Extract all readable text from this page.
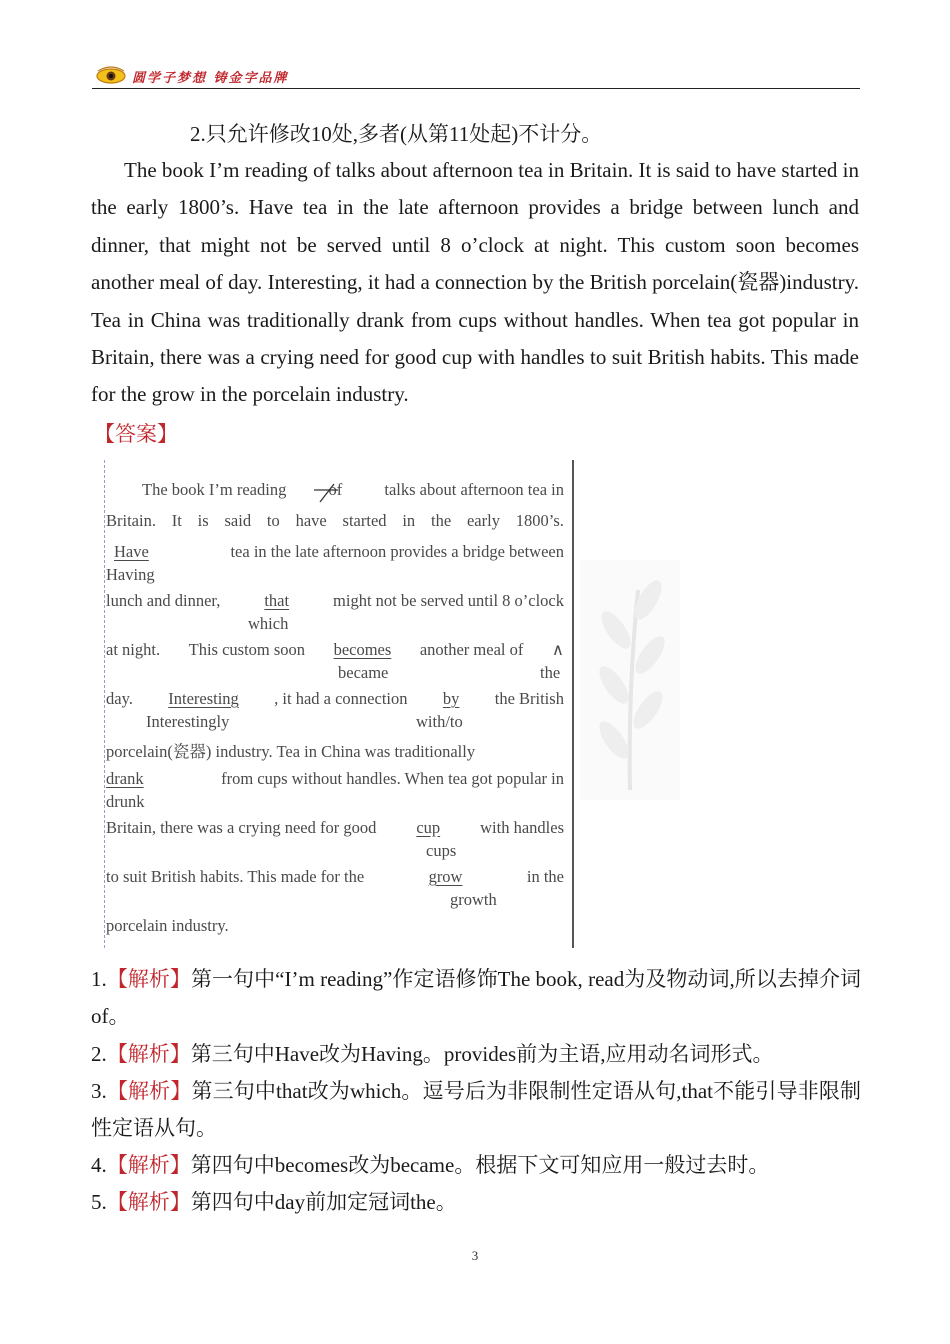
圆学子梦想 铸金字品牌
2.只允许修改10处,多者(从第11处起)不计分。

The book I’m reading of talks about afternoon tea in Britain. It is said to have started in the early 1800’s. Have tea in the late afternoon provides a bridge between lunch and dinner, that might not be served until 8 o’clock at night. This custom soon becomes another meal of day. Interesting, it had a connection by the British porcelain(瓷器)industry. Tea in China was traditionally drank from cups without handles. When tea got popular in Britain, there was a crying need for good cup with handles to suit British habits. This made for the grow in the porcelain industry.

【答案】
The book I’m reading	of	talks about afternoon tea in
Britain. It is said to have started in the early 1800’s.
Have	tea in the late afternoon provides a bridge between
Having
lunch and dinner,	that	might not be served until 8 o’clock
which
at night. This custom soon becomes another meal of ∧
became	the
day. Interesting , it had a connection by the British
Interestingly	with/to
porcelain(瓷器) industry. Tea in China was traditionally
drank	from cups without handles. When tea got popular in
drunk
Britain, there was a crying need for good cup with handles
cups
to suit British habits. This made for the	grow	in the
growth
porcelain industry.

1.【解析】第一句中“I’m reading”作定语修饰The book, read为及物动词,所以去掉介词of。

2.【解析】第三句中Have改为Having。provides前为主语,应用动名词形式。

3.【解析】第三句中that改为which。逗号后为非限制性定语从句,that不能引导非限制性定语从句。

4.【解析】第四句中becomes改为became。根据下文可知应用一般过去时。

5.【解析】第四句中day前加定冠词the。

3
